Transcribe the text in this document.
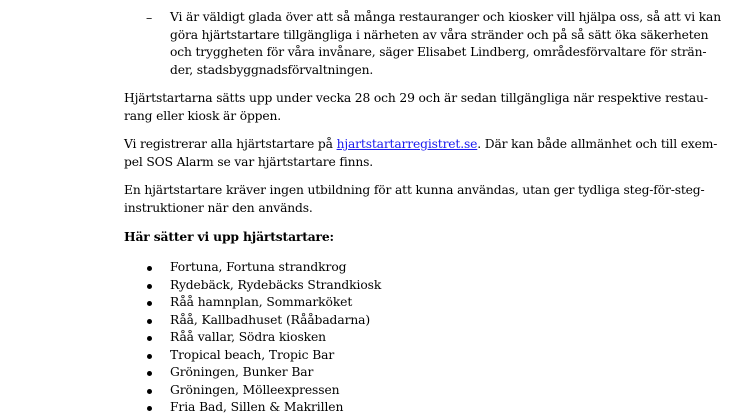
– Vi är väldigt glada över att så många restauranger och kiosker vill hjälpa oss, så att vi kan
göra hjärtstartare tillgängliga i närheten av våra stränder och på så sätt öka säkerheten
och tryggheten för våra invånare, säger Elisabet Lindberg, områdesförvaltare för strän-
der, stadsbyggnadsförvaltningen.
Hjärtstartarna sätts upp under vecka 28 och 29 och är sedan tillgängliga när respektive restau-
rang eller kiosk är öppen.
Vi registrerar alla hjärtstartare på hjartstartarregistret.se. Där kan både allmänhet och till exem-
pel SOS Alarm se var hjärtstartare finns.
En hjärtstartare kräver ingen utbildning för att kunna användas, utan ger tydliga steg-för-steg-
instruktioner när den används.
Här sätter vi upp hjärtstartare:
Fortuna, Fortuna strandkrog
Rydebäck, Rydebäcks Strandkiosk
Råå hamnplan, Sommarköket
Råå, Kallbadhuset (Rååbadarna)
Råå vallar, Södra kiosken
Tropical beach, Tropic Bar
Gröningen, Bunker Bar
Gröningen, Mölleexpressen
Fria Bad, Sillen & Makrillen
